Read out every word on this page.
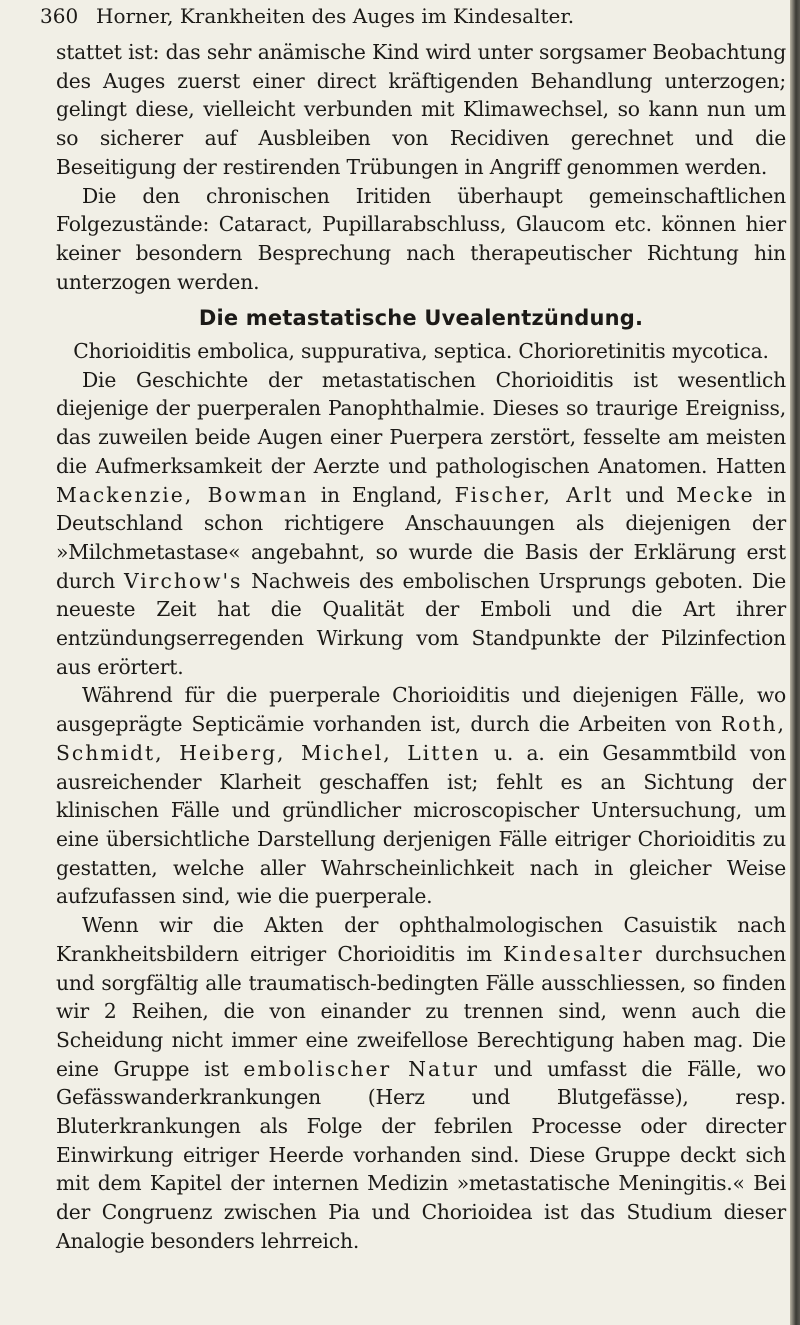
360 Horner, Krankheiten des Auges im Kindesalter.

stattet ist: das sehr anämische Kind wird unter sorgsamer Beobachtung des Auges zuerst einer direct kräftigenden Behandlung unterzogen; gelingt diese, vielleicht verbunden mit Klimawechsel, so kann nun um so sicherer auf Ausbleiben von Recidiven gerechnet und die Beseitigung der restirenden Trübungen in Angriff genommen werden.

Die den chronischen Iritiden überhaupt gemeinschaftlichen Folgezustände: Cataract, Pupillarabschluss, Glaucom etc. können hier keiner besondern Besprechung nach therapeutischer Richtung hin unterzogen werden.

Die metastatische Uvealentzündung.

Chorioiditis embolica, suppurativa, septica. Chorioretinitis mycotica.

Die Geschichte der metastatischen Chorioiditis ist wesentlich diejenige der puerperalen Panophthalmie. Dieses so traurige Ereigniss, das zuweilen beide Augen einer Puerpera zerstört, fesselte am meisten die Aufmerksamkeit der Aerzte und pathologischen Anatomen. Hatten Mackenzie, Bowman in England, Fischer, Arlt und Mecke in Deutschland schon richtigere Anschauungen als diejenigen der »Milchmetastase« angebahnt, so wurde die Basis der Erklärung erst durch Virchow's Nachweis des embolischen Ursprungs geboten. Die neueste Zeit hat die Qualität der Emboli und die Art ihrer entzündungserregenden Wirkung vom Standpunkte der Pilzinfection aus erörtert.

Während für die puerperale Chorioiditis und diejenigen Fälle, wo ausgeprägte Septicämie vorhanden ist, durch die Arbeiten von Roth, Schmidt, Heiberg, Michel, Litten u. a. ein Gesammtbild von ausreichender Klarheit geschaffen ist; fehlt es an Sichtung der klinischen Fälle und gründlicher microscopischer Untersuchung, um eine übersichtliche Darstellung derjenigen Fälle eitriger Chorioiditis zu gestatten, welche aller Wahrscheinlichkeit nach in gleicher Weise aufzufassen sind, wie die puerperale.

Wenn wir die Akten der ophthalmologischen Casuistik nach Krankheitsbildern eitriger Chorioiditis im Kindesalter durchsuchen und sorgfältig alle traumatisch-bedingten Fälle ausschliessen, so finden wir 2 Reihen, die von einander zu trennen sind, wenn auch die Scheidung nicht immer eine zweifellose Berechtigung haben mag. Die eine Gruppe ist embolischer Natur und umfasst die Fälle, wo Gefässwanderkrankungen (Herz und Blutgefässe), resp. Bluterkrankungen als Folge der febrilen Processe oder directer Einwirkung eitriger Heerde vorhanden sind. Diese Gruppe deckt sich mit dem Kapitel der internen Medizin »metastatische Meningitis.« Bei der Congruenz zwischen Pia und Chorioidea ist das Studium dieser Analogie besonders lehrreich.
